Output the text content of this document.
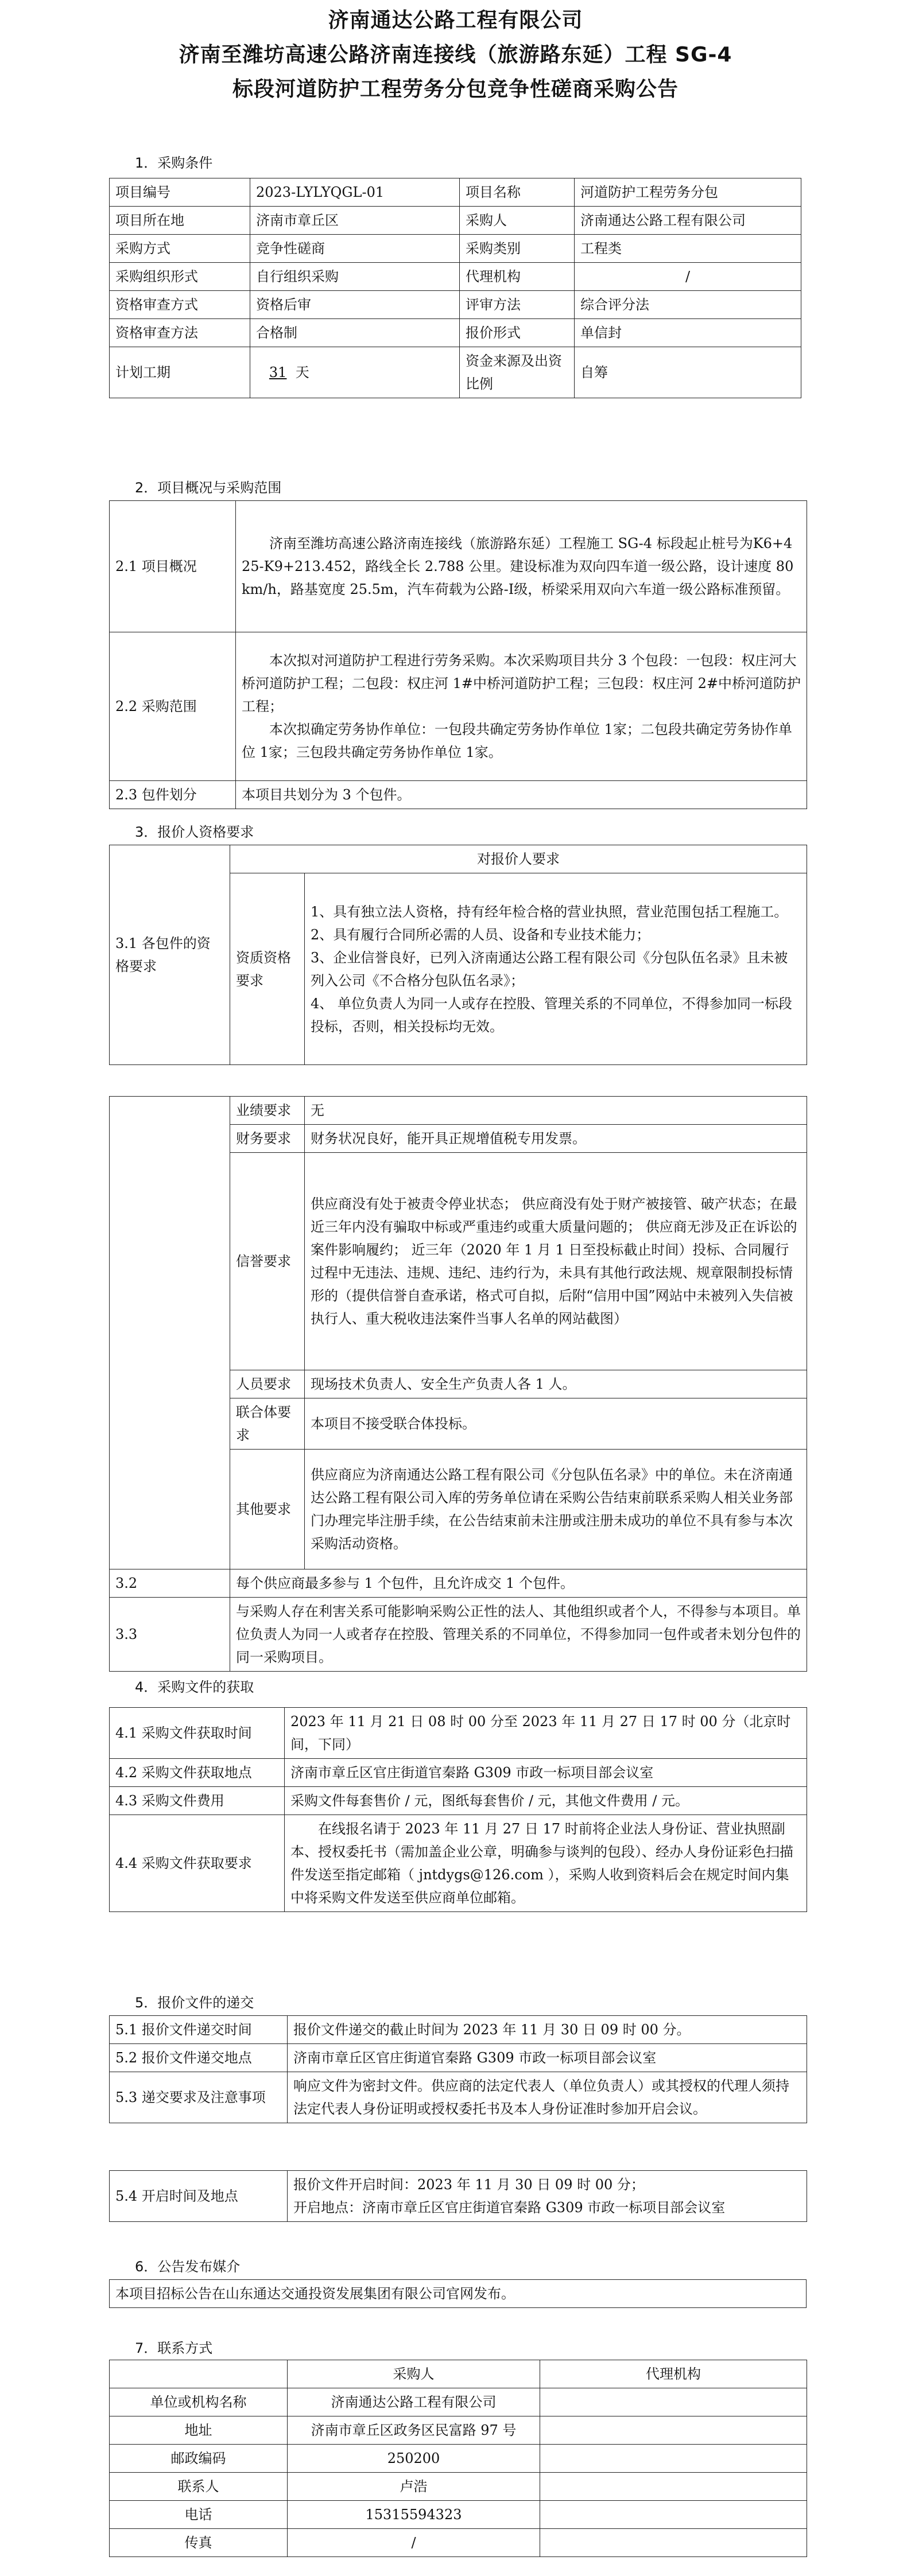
济南通达公路工程有限公司
济南至潍坊高速公路济南连接线（旅游路东延）工程 SG-4
标段河道防护工程劳务分包竞争性磋商采购公告
1．采购条件
项目编号	2023-LYLYQGL-01	项目名称	河道防护工程劳务分包
项目所在地	济南市章丘区	采购人	济南通达公路工程有限公司
采购方式	竞争性磋商	采购类别	工程类
采购组织形式	自行组织采购	代理机构	/
资格审查方式	资格后审	评审方法	综合评分法
资格审查方法	合格制	报价形式	单信封
计划工期	31 天	资金来源及出资比例	自筹
2．项目概况与采购范围
2.1 项目概况	济南至潍坊高速公路济南连接线（旅游路东延）工程施工 SG-4 标段起止桩号为K6+425-K9+213.452，路线全长 2.788 公里。建设标准为双向四车道一级公路，设计速度 80km/h，路基宽度 25.5m，汽车荷载为公路-I级，桥梁采用双向六车道一级公路标准预留。
2.2 采购范围	本次拟对河道防护工程进行劳务采购。本次采购项目共分 3 个包段：一包段：权庄河大桥河道防护工程；二包段：权庄河 1#中桥河道防护工程；三包段：权庄河 2#中桥河道防护工程；
本次拟确定劳务协作单位：一包段共确定劳务协作单位 1家；二包段共确定劳务协作单位 1家；三包段共确定劳务协作单位 1家。

2.3 包件划分	本项目共划分为 3 个包件。
3．报价人资格要求
3.1 各包件的资格要求	对报价人要求	
	资质资格要求	1、具有独立法人资格，持有经年检合格的营业执照，营业范围包括工程施工。
2、具有履行合同所必需的人员、设备和专业技术能力；
3、企业信誉良好，已列入济南通达公路工程有限公司《分包队伍名录》且未被列入公司《不合格分包队伍名录》；
4、 单位负责人为同一人或存在控股、管理关系的不同单位，不得参加同一标段投标，否则，相关投标均无效。
	业绩要求	无
	财务要求	财务状况良好，能开具正规增值税专用发票。
	信誉要求	供应商没有处于被责令停业状态； 供应商没有处于财产被接管、破产状态；在最近三年内没有骗取中标或严重违约或重大质量问题的； 供应商无涉及正在诉讼的案件影响履约； 近三年（2020 年 1 月 1 日至投标截止时间）投标、合同履行过程中无违法、违规、违纪、违约行为，未具有其他行政法规、规章限制投标情形的（提供信誉自查承诺，格式可自拟，后附“信用中国”网站中未被列入失信被执行人、重大税收违法案件当事人名单的网站截图）
	人员要求	现场技术负责人、安全生产负责人各 1 人。
	联合体要求	本项目不接受联合体投标。
	其他要求	供应商应为济南通达公路工程有限公司《分包队伍名录》中的单位。未在济南通达公路工程有限公司入库的劳务单位请在采购公告结束前联系采购人相关业务部门办理完毕注册手续，在公告结束前未注册或注册未成功的单位不具有参与本次采购活动资格。
3.2	每个供应商最多参与 1 个包件，且允许成交 1 个包件。	
3.3	与采购人存在利害关系可能影响采购公正性的法人、其他组织或者个人，不得参与本项目。单位负责人为同一人或者存在控股、管理关系的不同单位，不得参加同一包件或者未划分包件的同一采购项目。	
4．采购文件的获取
4.1 采购文件获取时间	2023 年 11 月 21 日 08 时 00 分至 2023 年 11 月 27 日 17 时 00 分（北京时间，下同）
4.2 采购文件获取地点	济南市章丘区官庄街道官秦路 G309 市政一标项目部会议室
4.3 采购文件费用	采购文件每套售价 / 元，图纸每套售价 / 元，其他文件费用 / 元。
4.4 采购文件获取要求	在线报名请于 2023 年 11 月 27 日 17 时前将企业法人身份证、营业执照副本、授权委托书（需加盖企业公章，明确参与谈判的包段）、经办人身份证彩色扫描件发送至指定邮箱（ jntdygs@126.com ），采购人收到资料后会在规定时间内集中将采购文件发送至供应商单位邮箱。
5．报价文件的递交
5.1 报价文件递交时间	报价文件递交的截止时间为 2023 年 11 月 30 日 09 时 00 分。
5.2 报价文件递交地点	济南市章丘区官庄街道官秦路 G309 市政一标项目部会议室
5.3 递交要求及注意事项	响应文件为密封文件。供应商的法定代表人（单位负责人）或其授权的代理人须持法定代表人身份证明或授权委托书及本人身份证准时参加开启会议。
5.4 开启时间及地点	
报价文件开启时间：2023 年 11 月 30 日 09 时 00 分；
开启地点：济南市章丘区官庄街道官秦路 G309 市政一标项目部会议室
6．公告发布媒介
本项目招标公告在山东通达交通投资发展集团有限公司官网发布。
7．联系方式
	采购人	代理机构
单位或机构名称	济南通达公路工程有限公司	
地址	济南市章丘区政务区民富路 97 号	
邮政编码	250200	
联系人	卢浩	
电话	15315594323	
传真	/	
